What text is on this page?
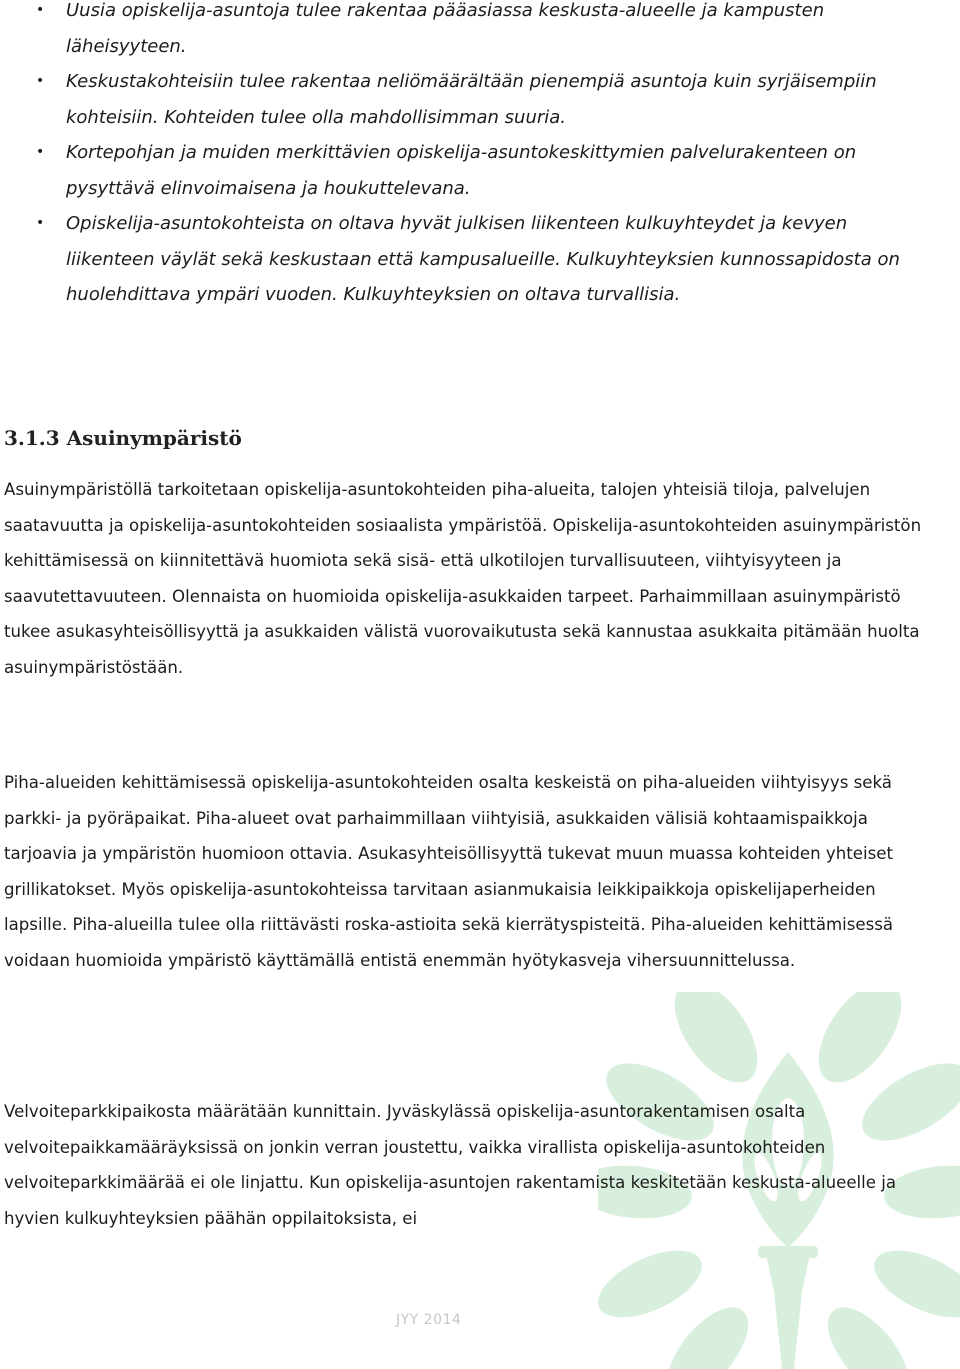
• Uusia opiskelija-asuntoja tulee rakentaa pääasiassa keskusta-alueelle ja kampusten läheisyyteen.
• Keskustakohteisiin tulee rakentaa neliömäärältään pienempiä asuntoja kuin syrjäisempiin kohteisiin. Kohteiden tulee olla mahdollisimman suuria.
• Kortepohjan ja muiden merkittävien opiskelija-asuntokeskittymien palvelurakenteen on pysyttävä elinvoimaisena ja houkuttelevana.
• Opiskelija-asuntokohteista on oltava hyvät julkisen liikenteen kulkuyhteydet ja kevyen liikenteen väylät sekä keskustaan että kampusalueille. Kulkuyhteyksien kunnossapidosta on huolehdittava ympäri vuoden. Kulkuyhteyksien on oltava turvallisia.
3.1.3 Asuinympäristö

Asuinympäristöllä tarkoitetaan opiskelija-asuntokohteiden piha-alueita, talojen yhteisiä tiloja, palvelujen saatavuutta ja opiskelija-asuntokohteiden sosiaalista ympäristöä. Opiskelija-asuntokohteiden asuinympäristön kehittämisessä on kiinnitettävä huomiota sekä sisä- että ulkotilojen turvallisuuteen, viihtyisyyteen ja saavutettavuuteen. Olennaista on huomioida opiskelija-asukkaiden tarpeet. Parhaimmillaan asuinympäristö tukee asukasyhteisöllisyyttä ja asukkaiden välistä vuorovaikutusta sekä kannustaa asukkaita pitämään huolta asuinympäristöstään.

Piha-alueiden kehittämisessä opiskelija-asuntokohteiden osalta keskeistä on piha-alueiden viihtyisyys sekä parkki- ja pyöräpaikat. Piha-alueet ovat parhaimmillaan viihtyisiä, asukkaiden välisiä kohtaamispaikkoja tarjoavia ja ympäristön huomioon ottavia. Asukasyhteisöllisyyttä tukevat muun muassa kohteiden yhteiset grillikatokset. Myös opiskelija-asuntokohteissa tarvitaan asianmukaisia leikkipaikkoja opiskelijaperheiden lapsille. Piha-alueilla tulee olla riittävästi roska-astioita sekä kierrätyspisteitä. Piha-alueiden kehittämisessä voidaan huomioida ympäristö käyttämällä entistä enemmän hyötykasveja vihersuunnittelussa.

Velvoiteparkkipaikosta määrätään kunnittain. Jyväskylässä opiskelija-asuntorakentamisen osalta velvoitepaikkamääräyksissä on jonkin verran joustettu, vaikka virallista opiskelija-asuntokohteiden velvoiteparkkimäärää ei ole linjattu. Kun opiskelija-asuntojen rakentamista keskitetään keskusta-alueelle ja hyvien kulkuyhteyksien päähän oppilaitoksista, ei

JYY 2014
